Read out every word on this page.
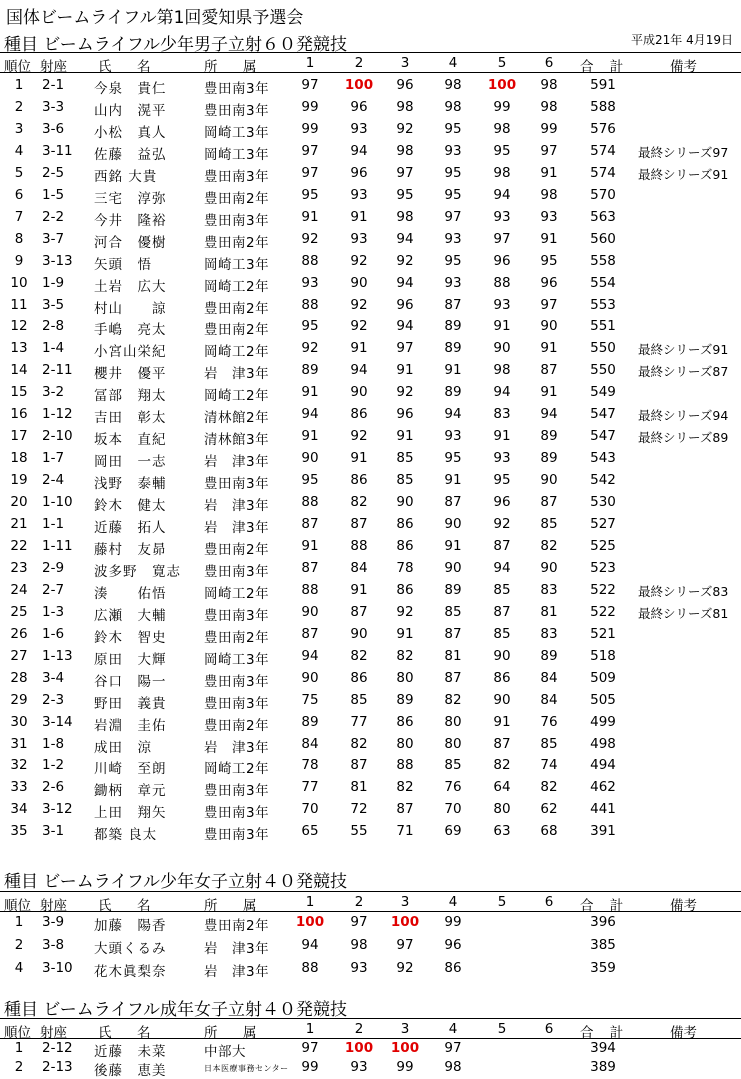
国体ビームライフル第1回愛知県予選会
平成21年 4月19日
種目 ビームライフル少年男子立射６０発競技
順位 射座 氏　名	所　属	1	2	3	4	5	6	合 計	備考
1	2-1 今泉　貴仁	豊田南3年	97	100	96	98	100	98	591
2	3-3 山内　滉平	豊田南3年	99	96	98	98	99	98	588
3	3-6 小松　真人	岡崎工3年	99	93	92	95	98	99	576
4	3-11 佐藤　益弘	岡崎工3年	97	94	98	93	95	97	574	最終シリーズ97
5	2-5 西銘 大貴	豊田南3年	97	96	97	95	98	91	574	最終シリーズ91
6	1-5 三宅　淳弥	豊田南2年	95	93	95	95	94	98	570
7	2-2 今井　隆裕	豊田南3年	91	91	98	97	93	93	563
8	3-7 河合　優樹	豊田南2年	92	93	94	93	97	91	560
9	3-13 矢頭　悟	岡崎工3年	88	92	92	95	96	95	558
10	1-9 土岩　広大	岡崎工2年	93	90	94	93	88	96	554
11	3-5 村山　　諒	豊田南2年	88	92	96	87	93	97	553
12	2-8 手嶋　亮太	豊田南2年	95	92	94	89	91	90	551
13	1-4 小宮山栄紀	岡崎工2年	92	91	97	89	90	91	550	最終シリーズ91
14	2-11 櫻井　優平	岩　津3年	89	94	91	91	98	87	550	最終シリーズ87
15	3-2 冨部　翔太	岡崎工2年	91	90	92	89	94	91	549
16	1-12 吉田　彰太	清林館2年	94	86	96	94	83	94	547	最終シリーズ94
17	2-10 坂本　直紀	清林館3年	91	92	91	93	91	89	547	最終シリーズ89
18	1-7 岡田　一志	岩　津3年	90	91	85	95	93	89	543
19	2-4 浅野　泰輔	豊田南3年	95	86	85	91	95	90	542
20	1-10 鈴木　健太	岩　津3年	88	82	90	87	96	87	530
21	1-1 近藤　拓人	岩　津3年	87	87	86	90	92	85	527
22	1-11 藤村　友昴	豊田南2年	91	88	86	91	87	82	525
23	2-9 波多野　寛志 豊田南3年	87	84	78	90	94	90	523
24	2-7 湊　　佑悟	岡崎工2年	88	91	86	89	85	83	522	最終シリーズ83
25	1-3 広瀬　大輔	豊田南3年	90	87	92	85	87	81	522	最終シリーズ81
26	1-6 鈴木　智史	豊田南2年	87	90	91	87	85	83	521
27	1-13 原田　大輝	岡崎工3年	94	82	82	81	90	89	518
28	3-4 谷口　陽一	豊田南3年	90	86	80	87	86	84	509
29	2-3 野田　義貴	豊田南3年	75	85	89	82	90	84	505
30	3-14 岩淵　圭佑	豊田南2年	89	77	86	80	91	76	499
31	1-8 成田　涼	岩　津3年	84	82	80	80	87	85	498
32	1-2 川崎　至朗	岡崎工2年	78	87	88	85	82	74	494
33	2-6 鋤柄　章元	豊田南3年	77	81	82	76	64	82	462
34	3-12 上田　翔矢	豊田南3年	70	72	87	70	80	62	441
35	3-1 都築 良太	豊田南3年	65	55	71	69	63	68	391
種目 ビームライフル少年女子立射４０発競技
順位 射座 氏　名	所　属	1	2	3	4	5	6	合 計	備考
1	3-9 加藤　陽香	豊田南2年 100	97	100	99	396
2	3-8 大頭くるみ	岩　津3年	94	98	97	96	385
4	3-10 花木眞梨奈	岩　津3年	88	93	92	86	359
種目 ビームライフル成年女子立射４０発競技
順位 射座 氏　名	所　属	1	2	3	4	5	6	合 計	備考
1	2-12 近藤　未菜	中部大	97	100 100	97	394
2	2-13 後藤　恵美	日本医療事務センター 99	93	99	98	389
